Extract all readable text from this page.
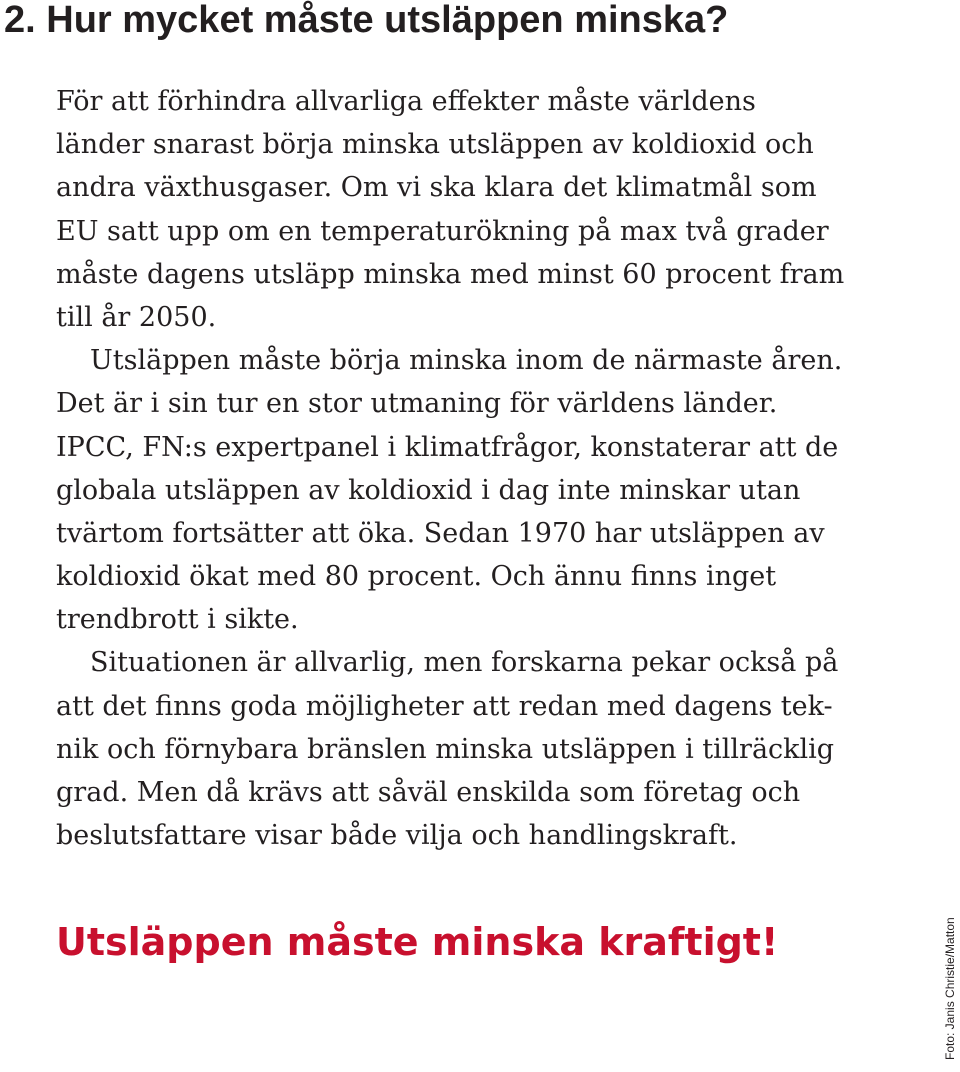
2. Hur mycket måste utsläppen minska?
För att förhindra allvarliga effekter måste världens
länder snarast börja minska utsläppen av koldioxid och
andra växthusgaser. Om vi ska klara det klimatmål som
EU satt upp om en temperaturökning på max två grader
måste dagens utsläpp minska med minst 60 procent fram
till år 2050.
Utsläppen måste börja minska inom de närmaste åren.
Det är i sin tur en stor utmaning för världens länder.
IPCC, FN:s expertpanel i klimatfrågor, konstaterar att de
globala utsläppen av koldioxid i dag inte minskar utan
tvärtom fortsätter att öka. Sedan 1970 har utsläppen av
koldioxid ökat med 80 procent. Och ännu finns inget
trendbrott i sikte.
Situationen är allvarlig, men forskarna pekar också på
att det finns goda möjligheter att redan med dagens tek-
nik och förnybara bränslen minska utsläppen i tillräcklig
grad. Men då krävs att såväl enskilda som företag och
beslutsfattare visar både vilja och handlingskraft.
Utsläppen måste minska kraftigt!	Foto: Janis Christie/Matton
